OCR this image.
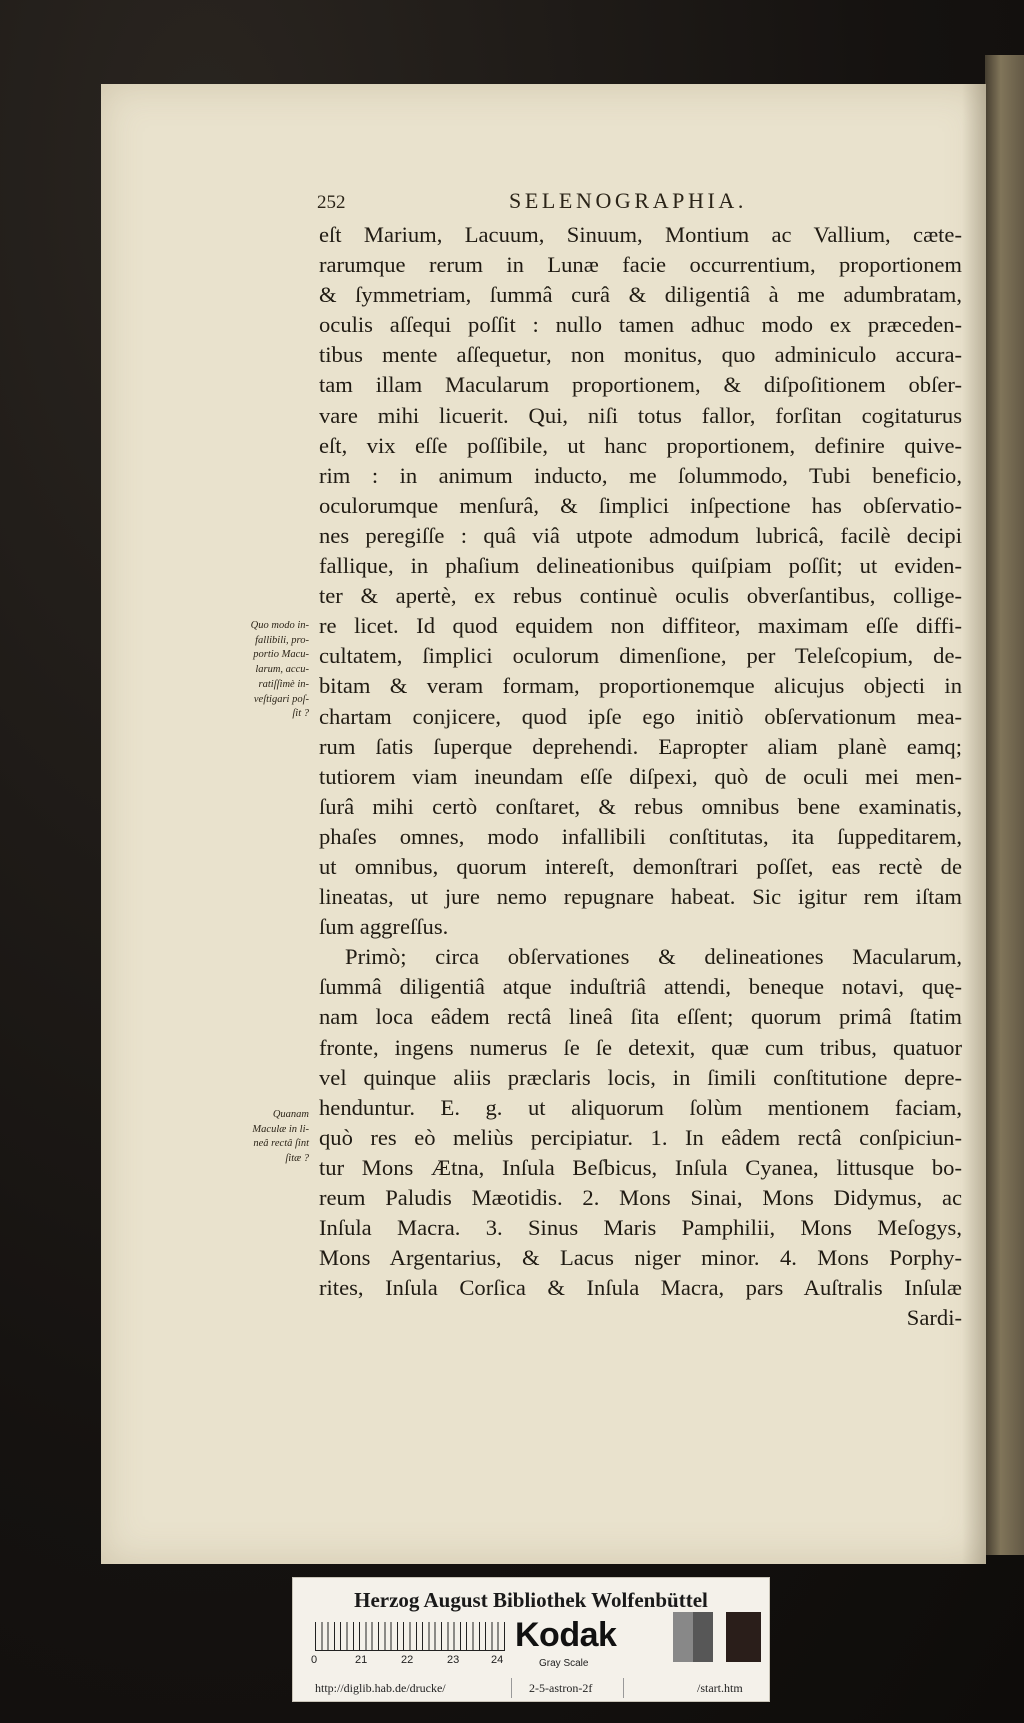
252	SELENOGRAPHIA.
Quo modo in-
fallibili, pro-
portio Macu-
larum, accu-
ratiſſimè in-
veſtigari poſ-
ſit ?
Quanam
Maculæ in li-
neâ rectâ ſint
ſitæ ?
eſt Marium, Lacuum, Sinuum, Montium ac Vallium, cæte-
rarumque rerum in Lunæ facie occurrentium, proportionem
& ſymmetriam, ſummâ curâ & diligentiâ à me adumbratam,
oculis aſſequi poſſit : nullo tamen adhuc modo ex præceden-
tibus mente aſſequetur, non monitus, quo adminiculo accura-
tam illam Macularum proportionem, & diſpoſitionem obſer-
vare mihi licuerit. Qui, niſi totus fallor, forſitan cogitaturus
eſt, vix eſſe poſſibile, ut hanc proportionem, definire quive-
rim : in animum inducto, me ſolummodo, Tubi beneficio,
oculorumque menſurâ, & ſimplici inſpectione has obſervatio-
nes peregiſſe : quâ viâ utpote admodum lubricâ, facilè decipi
fallique, in phaſium delineationibus quiſpiam poſſit; ut eviden-
ter & apertè, ex rebus continuè oculis obverſantibus, collige-
re licet. Id quod equidem non diffiteor, maximam eſſe diffi-
cultatem, ſimplici oculorum dimenſione, per Teleſcopium, de-
bitam & veram formam, proportionemque alicujus objecti in
chartam conjicere, quod ipſe ego initiò obſervationum mea-
rum ſatis ſuperque deprehendi. Eapropter aliam planè eamq;
tutiorem viam ineundam eſſe diſpexi, quò de oculi mei men-
ſurâ mihi certò conſtaret, & rebus omnibus bene examinatis,
phaſes omnes, modo infallibili conſtitutas, ita ſuppeditarem,
ut omnibus, quorum intereſt, demonſtrari poſſet, eas rectè de
lineatas, ut jure nemo repugnare habeat. Sic igitur rem iſtam
ſum aggreſſus.
Primò; circa obſervationes & delineationes Macularum,
ſummâ diligentiâ atque induſtriâ attendi, beneque notavi, quę-
nam loca eâdem rectâ lineâ ſita eſſent; quorum primâ ſtatim
fronte, ingens numerus ſe ſe detexit, quæ cum tribus, quatuor
vel quinque aliis præclaris locis, in ſimili conſtitutione depre-
henduntur. E. g. ut aliquorum ſolùm mentionem faciam,
quò res eò meliùs percipiatur. 1. In eâdem rectâ conſpiciun-
tur Mons Ætna, Inſula Beſbicus, Inſula Cyanea, littusque bo-
reum Paludis Mæotidis. 2. Mons Sinai, Mons Didymus, ac
Inſula Macra. 3. Sinus Maris Pamphilii, Mons Meſogys,
Mons Argentarius, & Lacus niger minor. 4. Mons Porphy-
rites, Inſula Corſica & Inſula Macra, pars Auſtralis Inſulæ
Sardi-
Herzog August Bibliothek Wolfenbüttel
0	21	22	23	24
Kodak
Gray Scale
http://diglib.hab.de/drucke/	2-5-astron-2f	/start.htm
